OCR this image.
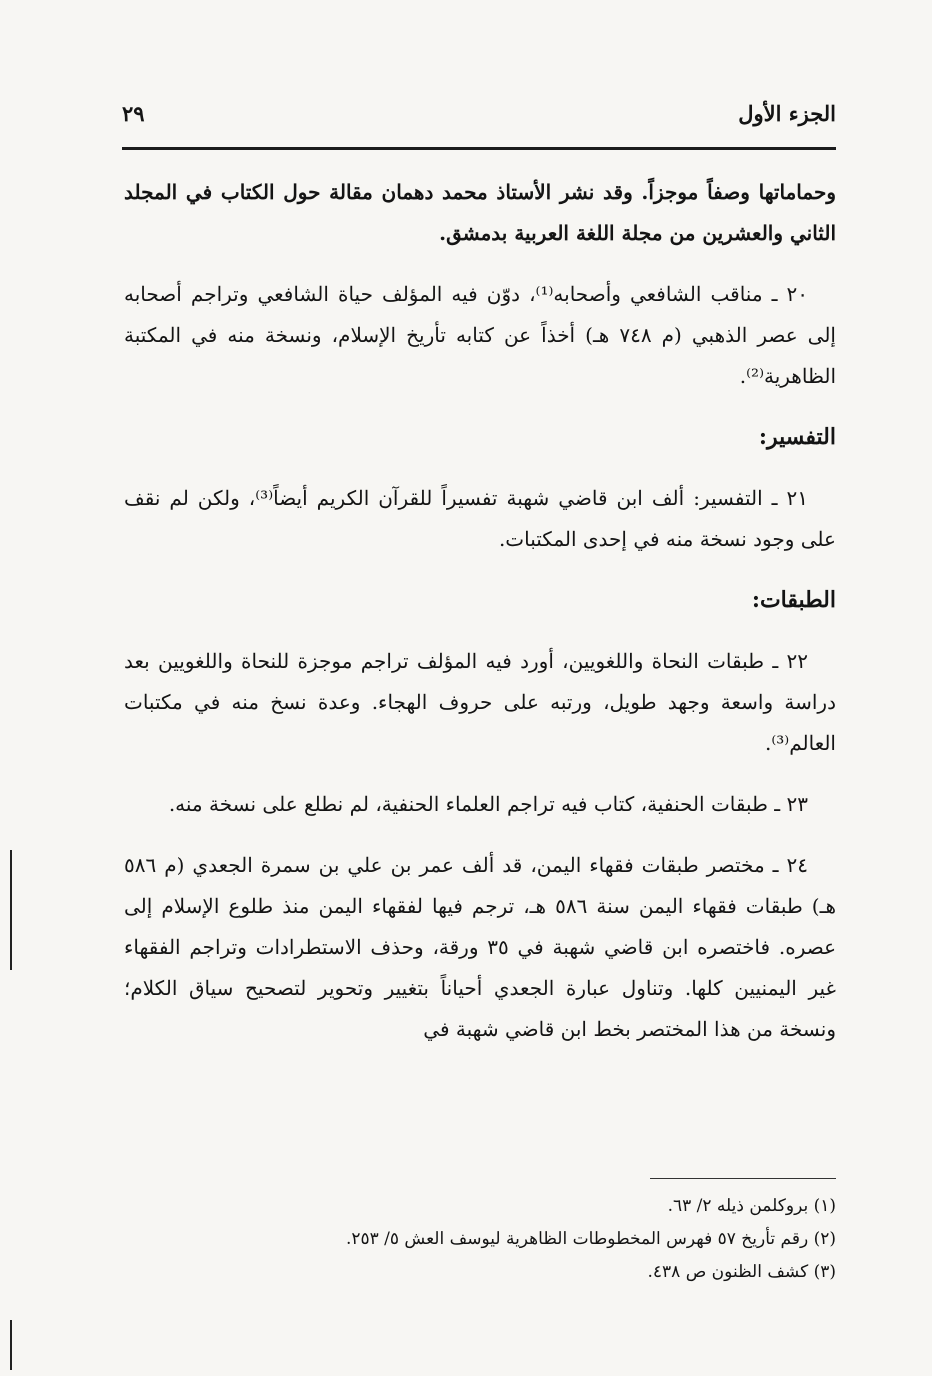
الجزء الأول
٢٩

وحماماتها وصفاً موجزاً. وقد نشر الأستاذ محمد دهمان مقالة حول الكتاب في المجلد الثاني والعشرين من مجلة اللغة العربية بدمشق.

٢٠ ـ مناقب الشافعي وأصحابه⁽¹⁾، دوّن فيه المؤلف حياة الشافعي وتراجم أصحابه إلى عصر الذهبي (م ٧٤٨ هـ) أخذاً عن كتابه تأريخ الإسلام، ونسخة منه في المكتبة الظاهرية⁽²⁾.

التفسير:

٢١ ـ التفسير: ألف ابن قاضي شهبة تفسيراً للقرآن الكريم أيضاً⁽³⁾، ولكن لم نقف على وجود نسخة منه في إحدى المكتبات.

الطبقات:

٢٢ ـ طبقات النحاة واللغويين، أورد فيه المؤلف تراجم موجزة للنحاة واللغويين بعد دراسة واسعة وجهد طويل، ورتبه على حروف الهجاء. وعدة نسخ منه في مكتبات العالم⁽³⁾.

٢٣ ـ طبقات الحنفية، كتاب فيه تراجم العلماء الحنفية، لم نطلع على نسخة منه.

٢٤ ـ مختصر طبقات فقهاء اليمن، قد ألف عمر بن علي بن سمرة الجعدي (م ٥٨٦ هـ) طبقات فقهاء اليمن سنة ٥٨٦ هـ، ترجم فيها لفقهاء اليمن منذ طلوع الإسلام إلى عصره. فاختصره ابن قاضي شهبة في ٣٥ ورقة، وحذف الاستطرادات وتراجم الفقهاء غير اليمنيين كلها. وتناول عبارة الجعدي أحياناً بتغيير وتحوير لتصحيح سياق الكلام؛ ونسخة من هذا المختصر بخط ابن قاضي شهبة في

(١) بروكلمن ذيله ٢/ ٦٣.

(٢) رقم تأريخ ٥٧ فهرس المخطوطات الظاهرية ليوسف العش ٥/ ٢٥٣.

(٣) كشف الظنون ص ٤٣٨.
